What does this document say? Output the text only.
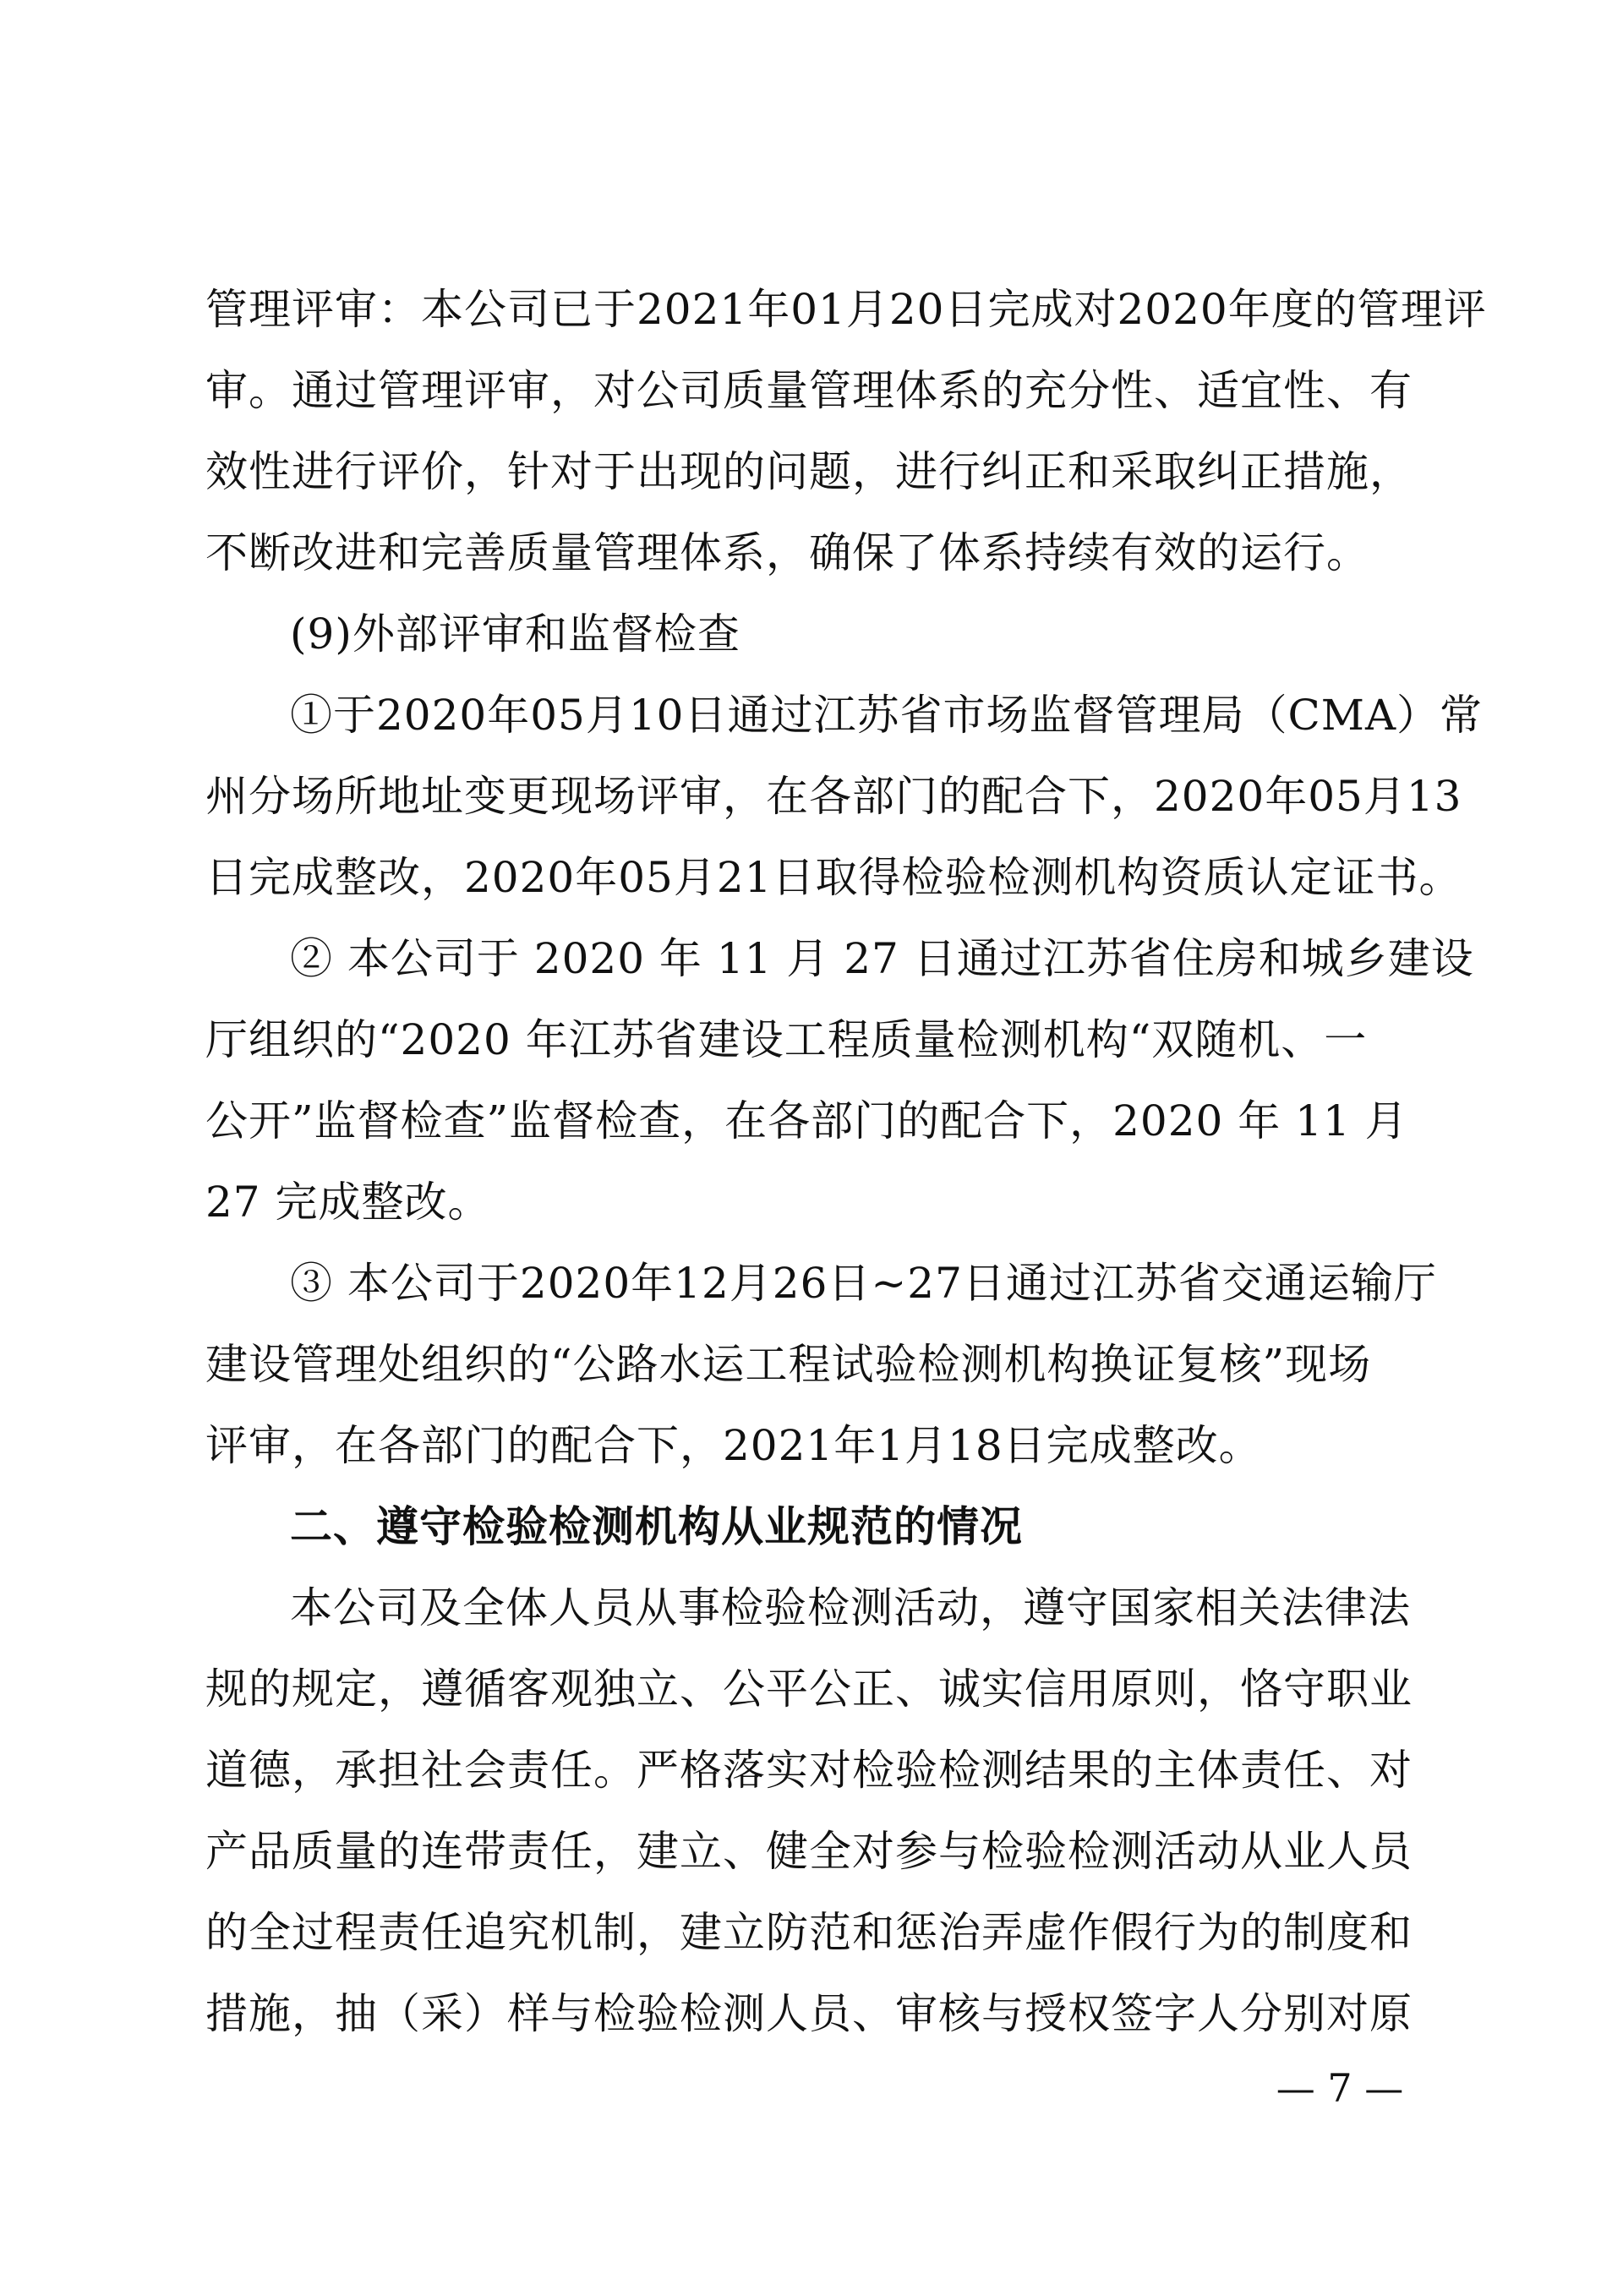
管理评审：本公司已于2021年01月20日完成对2020年度的管理评
审。通过管理评审，对公司质量管理体系的充分性、适宜性、有
效性进行评价，针对于出现的问题，进行纠正和采取纠正措施，
不断改进和完善质量管理体系，确保了体系持续有效的运行。
(9)外部评审和监督检查
①于2020年05月10日通过江苏省市场监督管理局（CMA）常
州分场所地址变更现场评审，在各部门的配合下，2020年05月13
日完成整改，2020年05月21日取得检验检测机构资质认定证书。
② 本公司于 2020 年 11 月 27 日通过江苏省住房和城乡建设
厅组织的“2020 年江苏省建设工程质量检测机构“双随机、一
公开”监督检查”监督检查，在各部门的配合下，2020 年 11 月
27 完成整改。
③ 本公司于2020年12月26日~27日通过江苏省交通运输厅
建设管理处组织的“公路水运工程试验检测机构换证复核”现场
评审，在各部门的配合下，2021年1月18日完成整改。
二、遵守检验检测机构从业规范的情况
本公司及全体人员从事检验检测活动，遵守国家相关法律法
规的规定，遵循客观独立、公平公正、诚实信用原则，恪守职业
道德，承担社会责任。严格落实对检验检测结果的主体责任、对
产品质量的连带责任，建立、健全对参与检验检测活动从业人员
的全过程责任追究机制，建立防范和惩治弄虚作假行为的制度和
措施，抽（采）样与检验检测人员、审核与授权签字人分别对原
— 7 —
